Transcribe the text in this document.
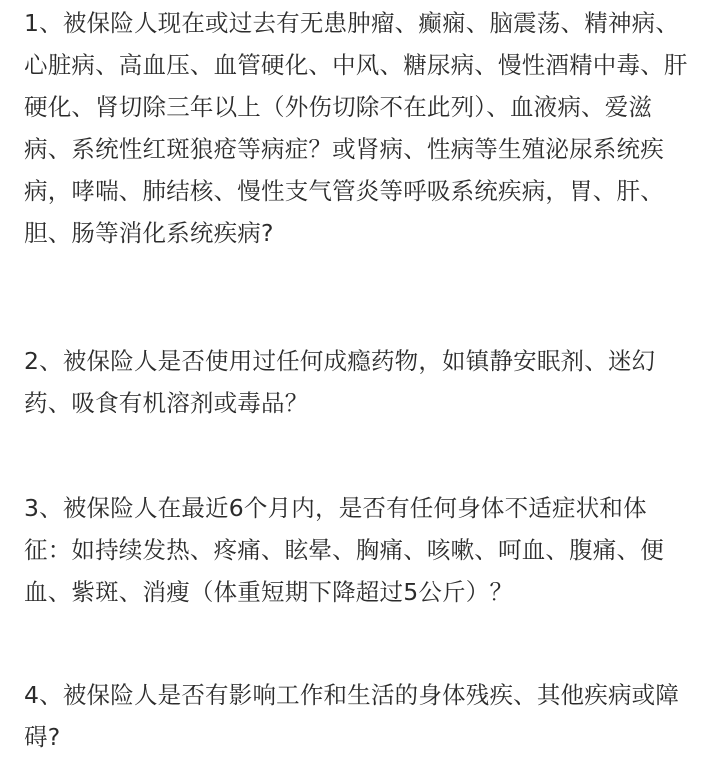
1、被保险人现在或过去有无患肿瘤、癫痫、脑震荡、精神病、心脏病、高血压、血管硬化、中风、糖尿病、慢性酒精中毒、肝硬化、肾切除三年以上（外伤切除不在此列）、血液病、爱滋病、系统性红斑狼疮等病症？或肾病、性病等生殖泌尿系统疾病，哮喘、肺结核、慢性支气管炎等呼吸系统疾病，胃、肝、胆、肠等消化系统疾病?

2、被保险人是否使用过任何成瘾药物，如镇静安眠剂、迷幻药、吸食有机溶剂或毒品？

3、被保险人在最近6个月内，是否有任何身体不适症状和体征：如持续发热、疼痛、眩晕、胸痛、咳嗽、呵血、腹痛、便血、紫斑、消瘦（体重短期下降超过5公斤）？

4、被保险人是否有影响工作和生活的身体残疾、其他疾病或障碍?
